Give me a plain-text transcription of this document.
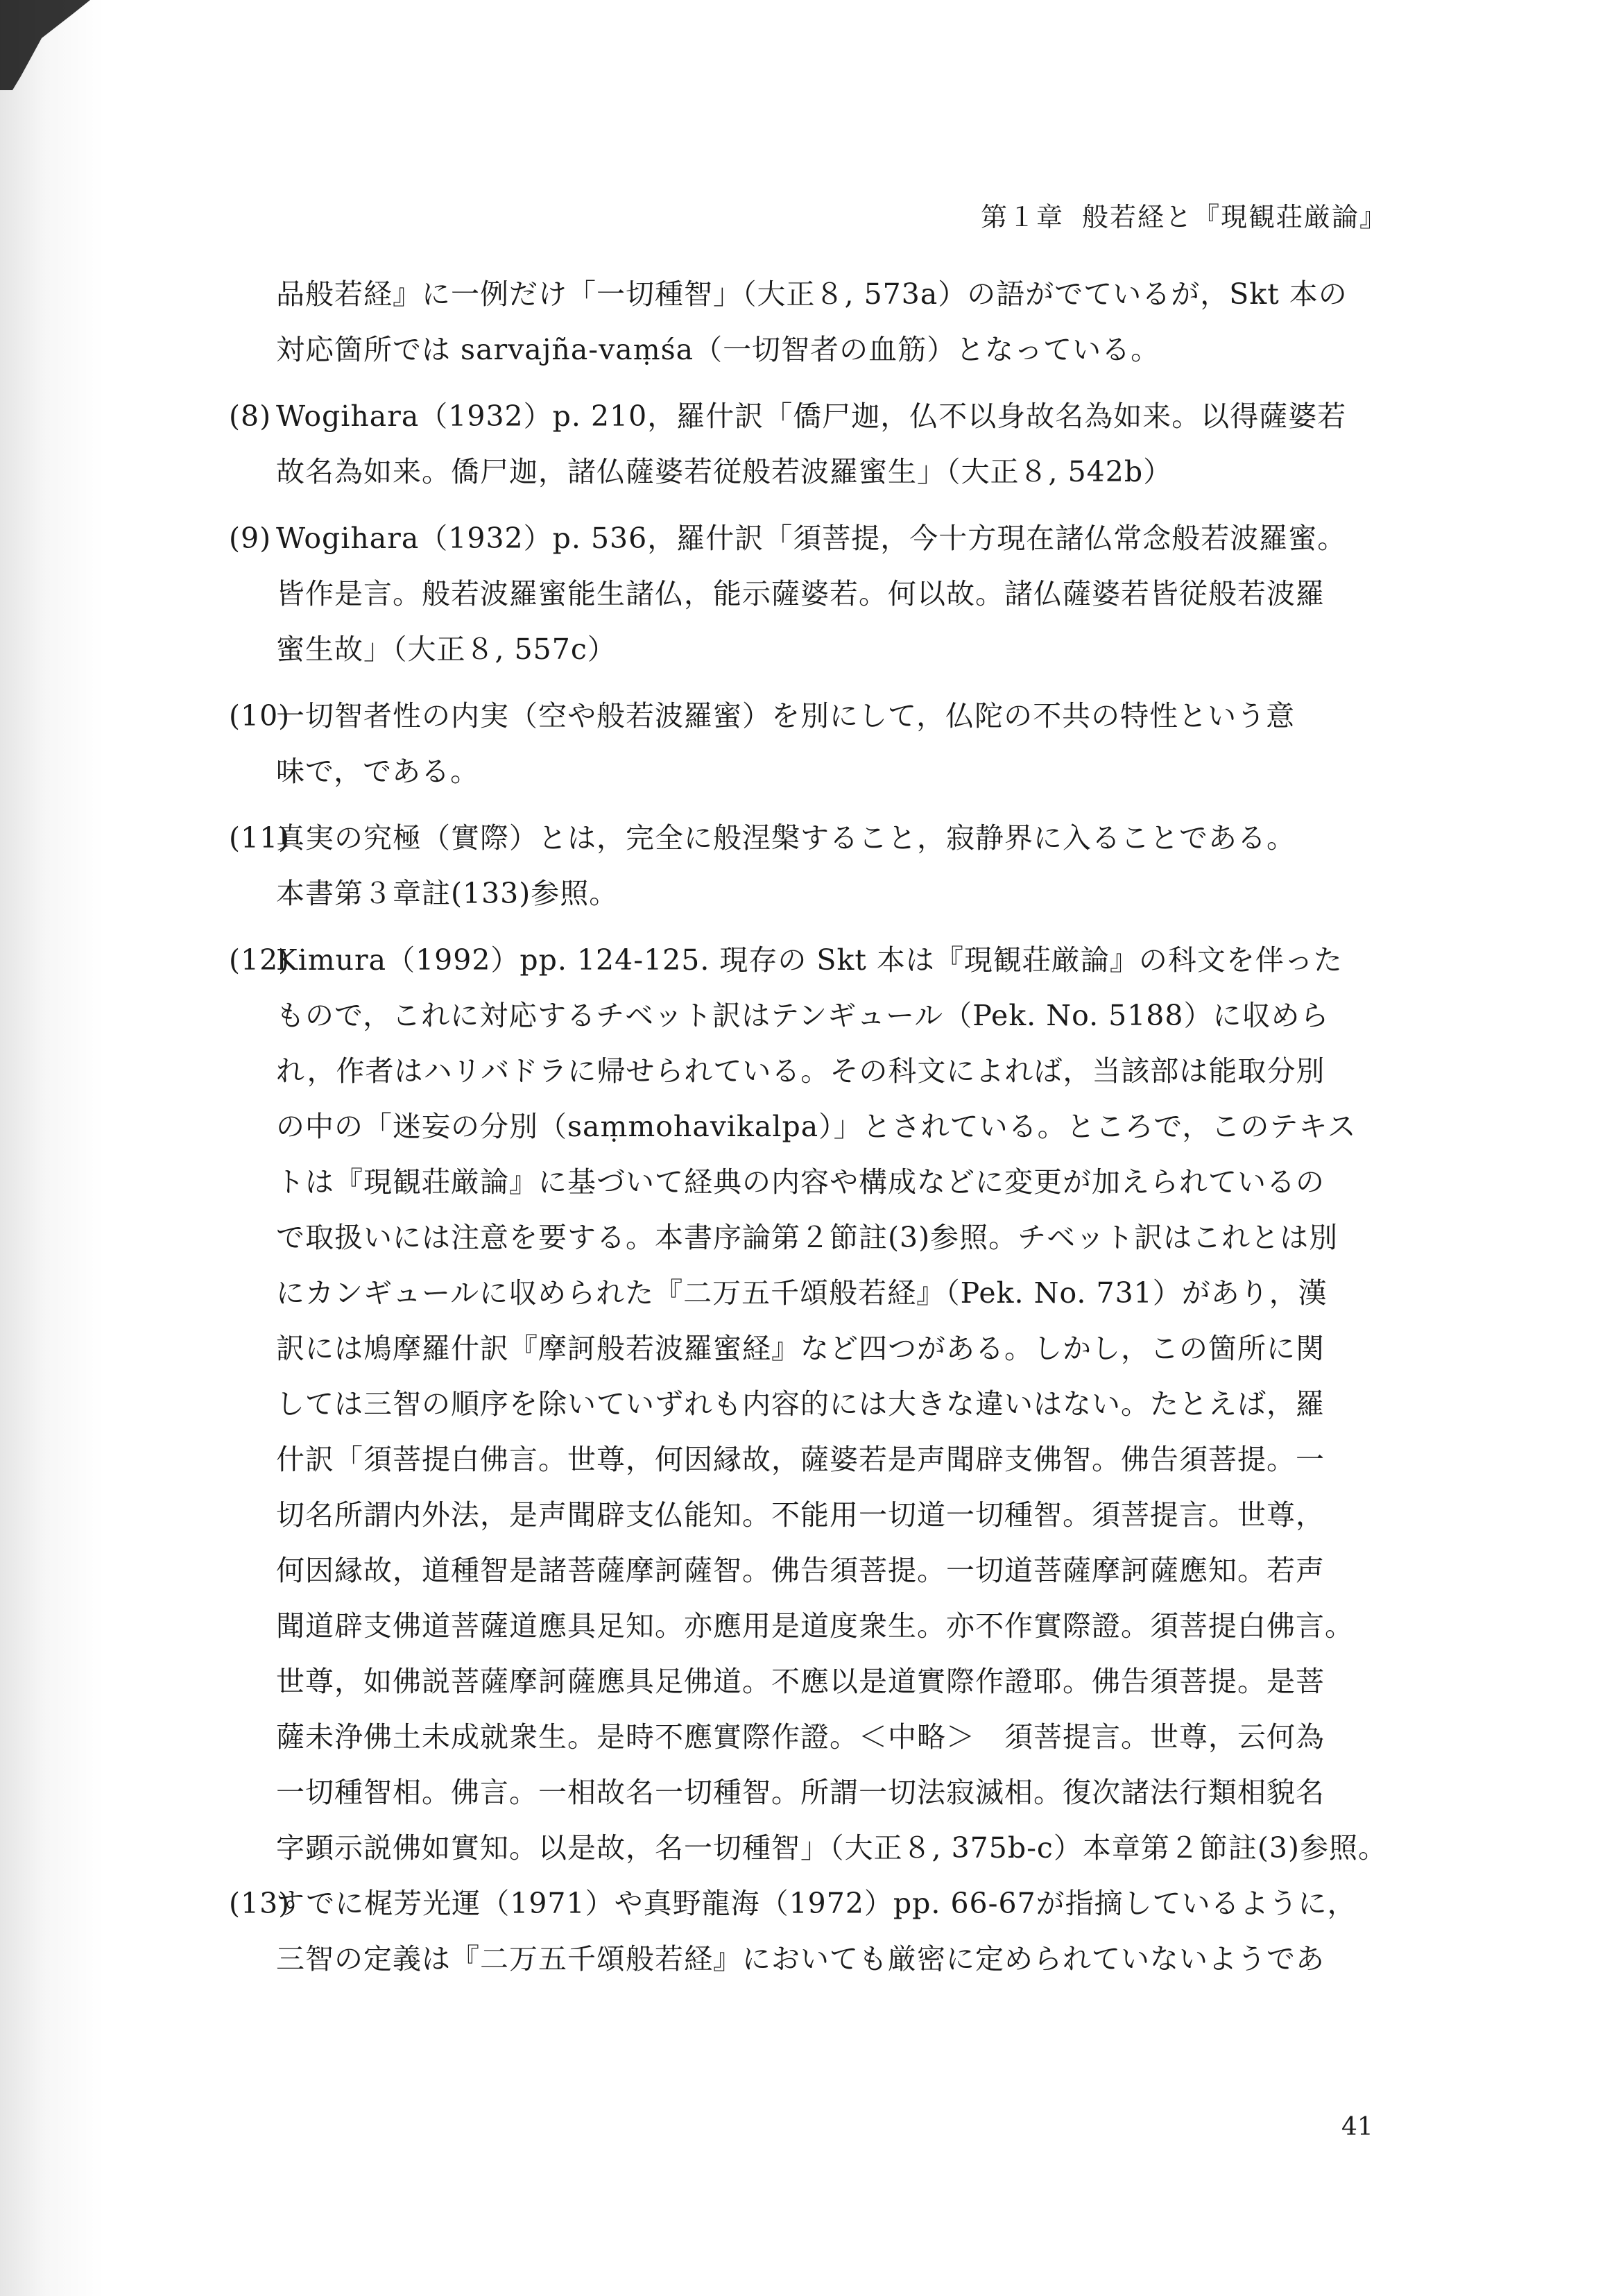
第１章 般若経と『現観荘厳論』
品般若経』に一例だけ「一切種智」（大正８, 573a）の語がでているが，Skt 本の
対応箇所では sarvajña-vaṃśa（一切智者の血筋）となっている。
(8) Wogihara（1932）p. 210，羅什訳「僑尸迦，仏不以身故名為如来。以得薩婆若
故名為如来。僑尸迦，諸仏薩婆若従般若波羅蜜生」（大正８, 542b）
(9) Wogihara（1932）p. 536，羅什訳「須菩提，今十方現在諸仏常念般若波羅蜜。
皆作是言。般若波羅蜜能生諸仏，能示薩婆若。何以故。諸仏薩婆若皆従般若波羅
蜜生故」（大正８, 557c）
(10)一切智者性の内実（空や般若波羅蜜）を別にして，仏陀の不共の特性という意
味で，である。
(11)真実の究極（實際）とは，完全に般涅槃すること，寂静界に入ることである。
本書第３章註(133)参照。
(12)Kimura（1992）pp. 124-125. 現存の Skt 本は『現観荘厳論』の科文を伴った
もので，これに対応するチベット訳はテンギュール（Pek. No. 5188）に収めら
れ，作者はハリバドラに帰せられている。その科文によれば，当該部は能取分別
の中の「迷妄の分別（saṃmohavikalpa）」とされている。ところで，このテキス
トは『現観荘厳論』に基づいて経典の内容や構成などに変更が加えられているの
で取扱いには注意を要する。本書序論第２節註(3)参照。チベット訳はこれとは別
にカンギュールに収められた『二万五千頌般若経』（Pek. No. 731）があり，漢
訳には鳩摩羅什訳『摩訶般若波羅蜜経』など四つがある。しかし，この箇所に関
しては三智の順序を除いていずれも内容的には大きな違いはない。たとえば，羅
什訳「須菩提白佛言。世尊，何因縁故，薩婆若是声聞辟支佛智。佛告須菩提。一
切名所謂内外法，是声聞辟支仏能知。不能用一切道一切種智。須菩提言。世尊，
何因縁故，道種智是諸菩薩摩訶薩智。佛告須菩提。一切道菩薩摩訶薩應知。若声
聞道辟支佛道菩薩道應具足知。亦應用是道度衆生。亦不作實際證。須菩提白佛言。
世尊，如佛説菩薩摩訶薩應具足佛道。不應以是道實際作證耶。佛告須菩提。是菩
薩未浄佛土未成就衆生。是時不應實際作證。＜中略＞　須菩提言。世尊，云何為
一切種智相。佛言。一相故名一切種智。所謂一切法寂滅相。復次諸法行類相貌名
字顕示説佛如實知。以是故，名一切種智」（大正８, 375b-c）本章第２節註(3)参照。
(13)すでに梶芳光運（1971）や真野龍海（1972）pp. 66-67が指摘しているように，
三智の定義は『二万五千頌般若経』においても厳密に定められていないようであ
41
